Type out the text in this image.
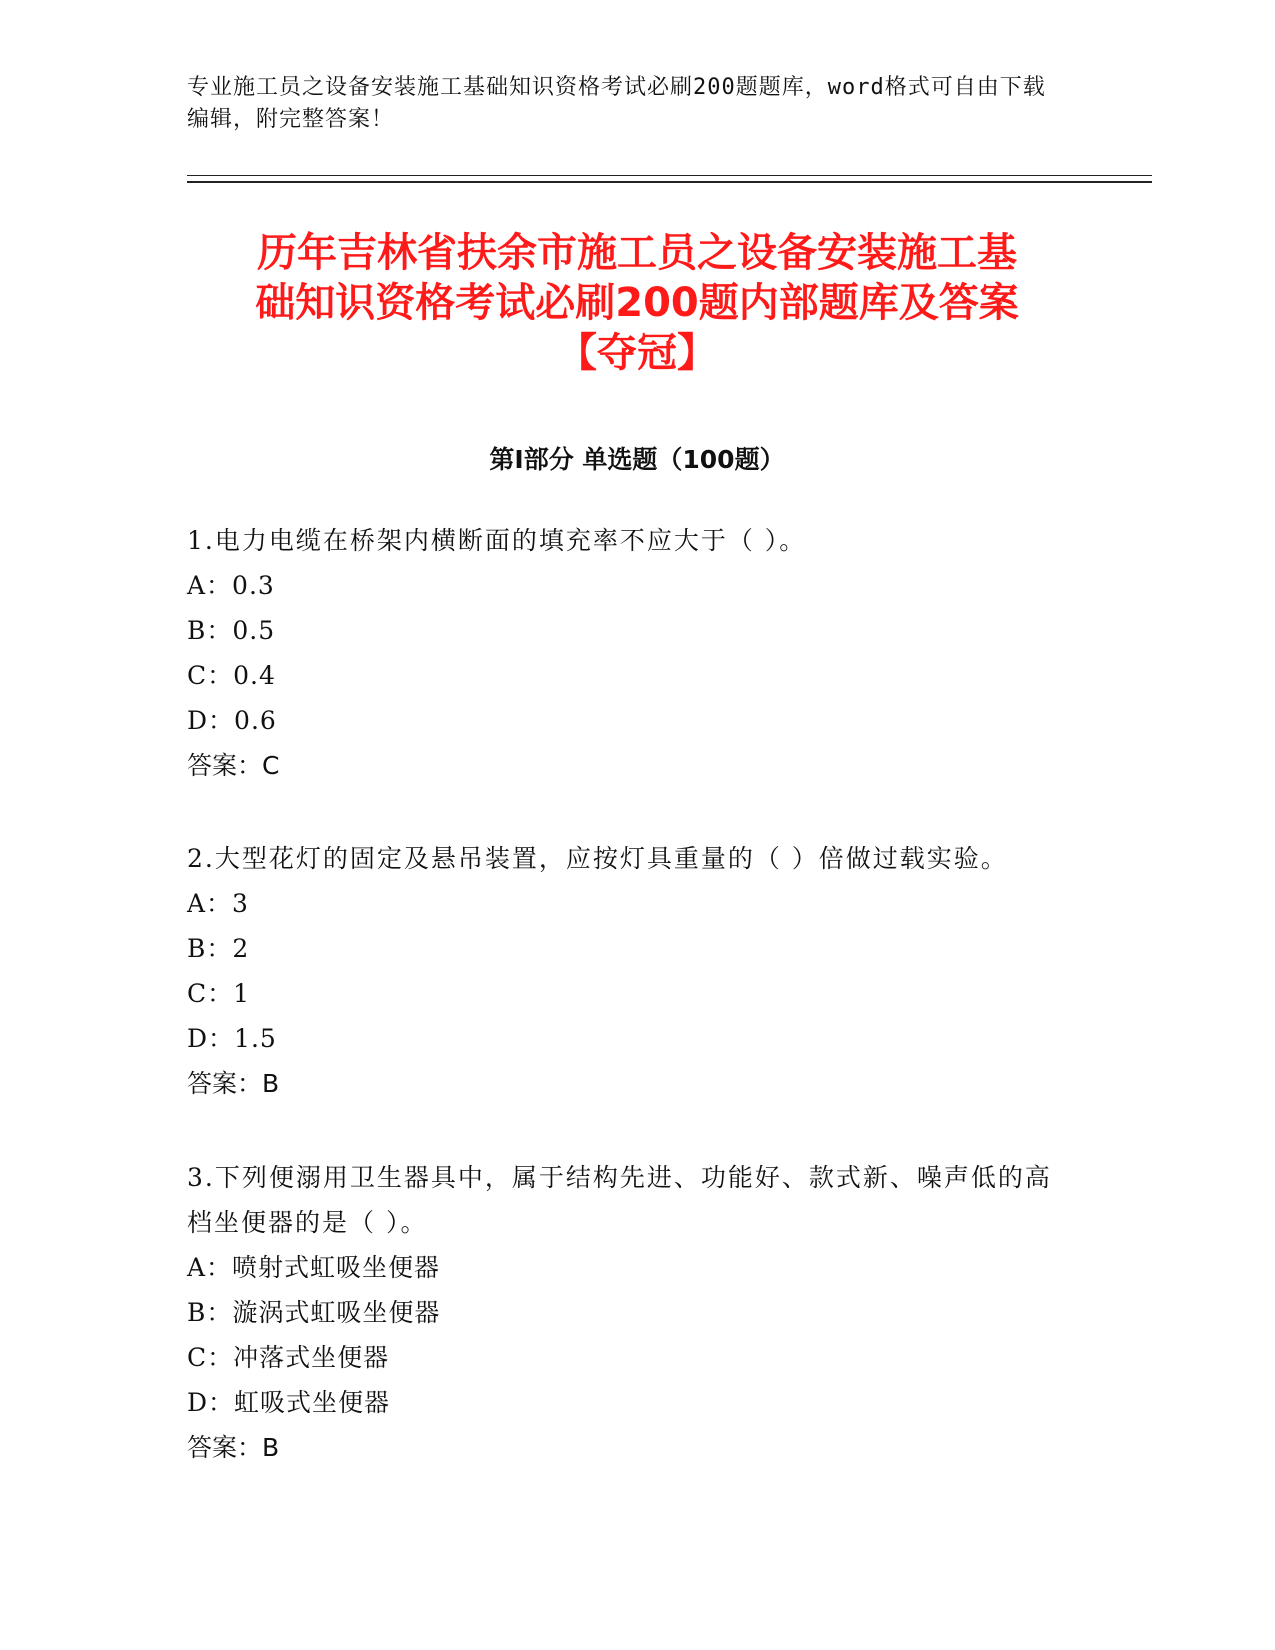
专业施工员之设备安装施工基础知识资格考试必刷200题题库，word格式可自由下载编辑，附完整答案！
历年吉林省扶余市施工员之设备安装施工基
础知识资格考试必刷200题内部题库及答案
【夺冠】
第I部分 单选题（100题）

1.电力电缆在桥架内横断面的填充率不应大于（ ）。

A：0.3

B：0.5

C：0.4

D：0.6

答案：C

2.大型花灯的固定及悬吊装置，应按灯具重量的（ ）倍做过载实验。

A：3

B：2

C：1

D：1.5

答案：B

3.下列便溺用卫生器具中，属于结构先进、功能好、款式新、噪声低的高档坐便器的是（ ）。

A：喷射式虹吸坐便器

B：漩涡式虹吸坐便器

C：冲落式坐便器

D：虹吸式坐便器

答案：B
